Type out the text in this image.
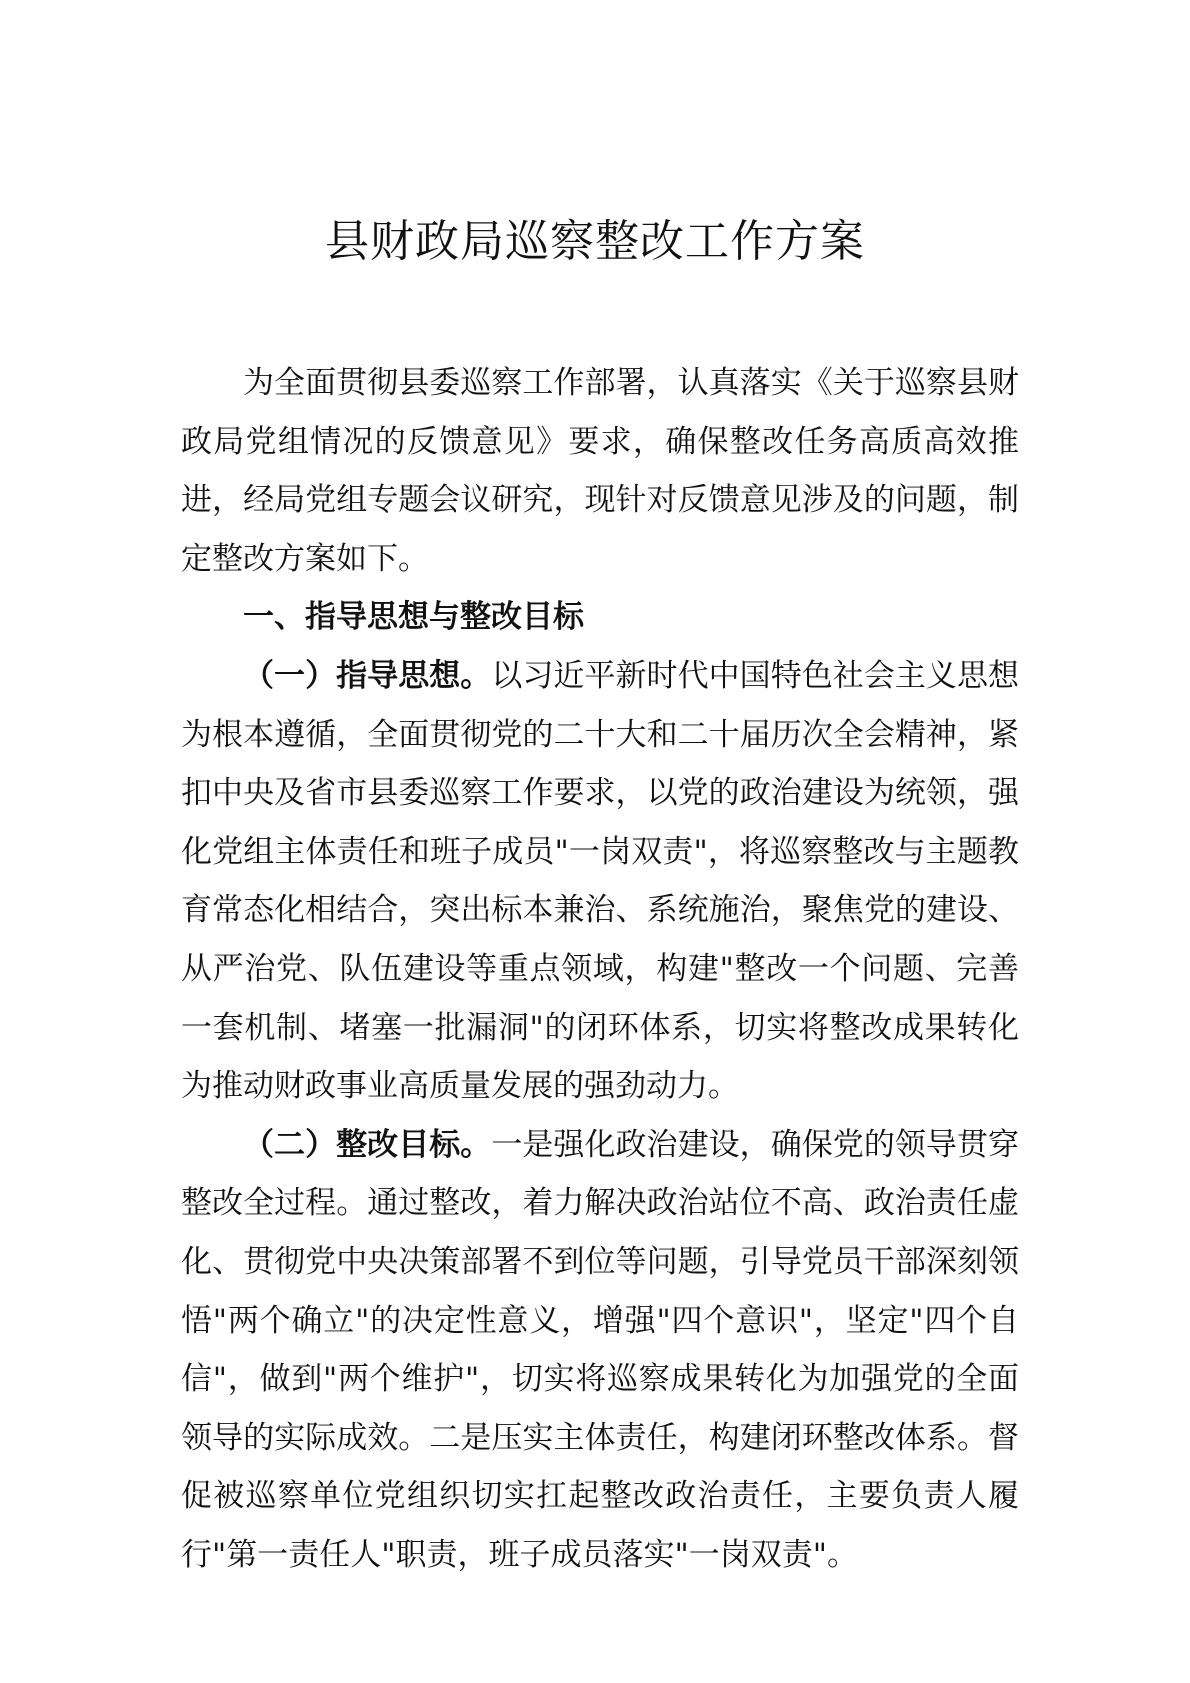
县财政局巡察整改工作方案

为全面贯彻县委巡察工作部署，认真落实《关于巡察县财政局党组情况的反馈意见》要求，确保整改任务高质高效推进，经局党组专题会议研究，现针对反馈意见涉及的问题，制定整改方案如下。

一、指导思想与整改目标

（一）指导思想。以习近平新时代中国特色社会主义思想为根本遵循，全面贯彻党的二十大和二十届历次全会精神，紧扣中央及省市县委巡察工作要求，以党的政治建设为统领，强化党组主体责任和班子成员"一岗双责"，将巡察整改与主题教育常态化相结合，突出标本兼治、系统施治，聚焦党的建设、从严治党、队伍建设等重点领域，构建"整改一个问题、完善一套机制、堵塞一批漏洞"的闭环体系，切实将整改成果转化为推动财政事业高质量发展的强劲动力。

（二）整改目标。一是强化政治建设，确保党的领导贯穿整改全过程。通过整改，着力解决政治站位不高、政治责任虚化、贯彻党中央决策部署不到位等问题，引导党员干部深刻领悟"两个确立"的决定性意义，增强"四个意识"，坚定"四个自信"，做到"两个维护"，切实将巡察成果转化为加强党的全面领导的实际成效。二是压实主体责任，构建闭环整改体系。督促被巡察单位党组织切实扛起整改政治责任，主要负责人履行"第一责任人"职责，班子成员落实"一岗双责"。
